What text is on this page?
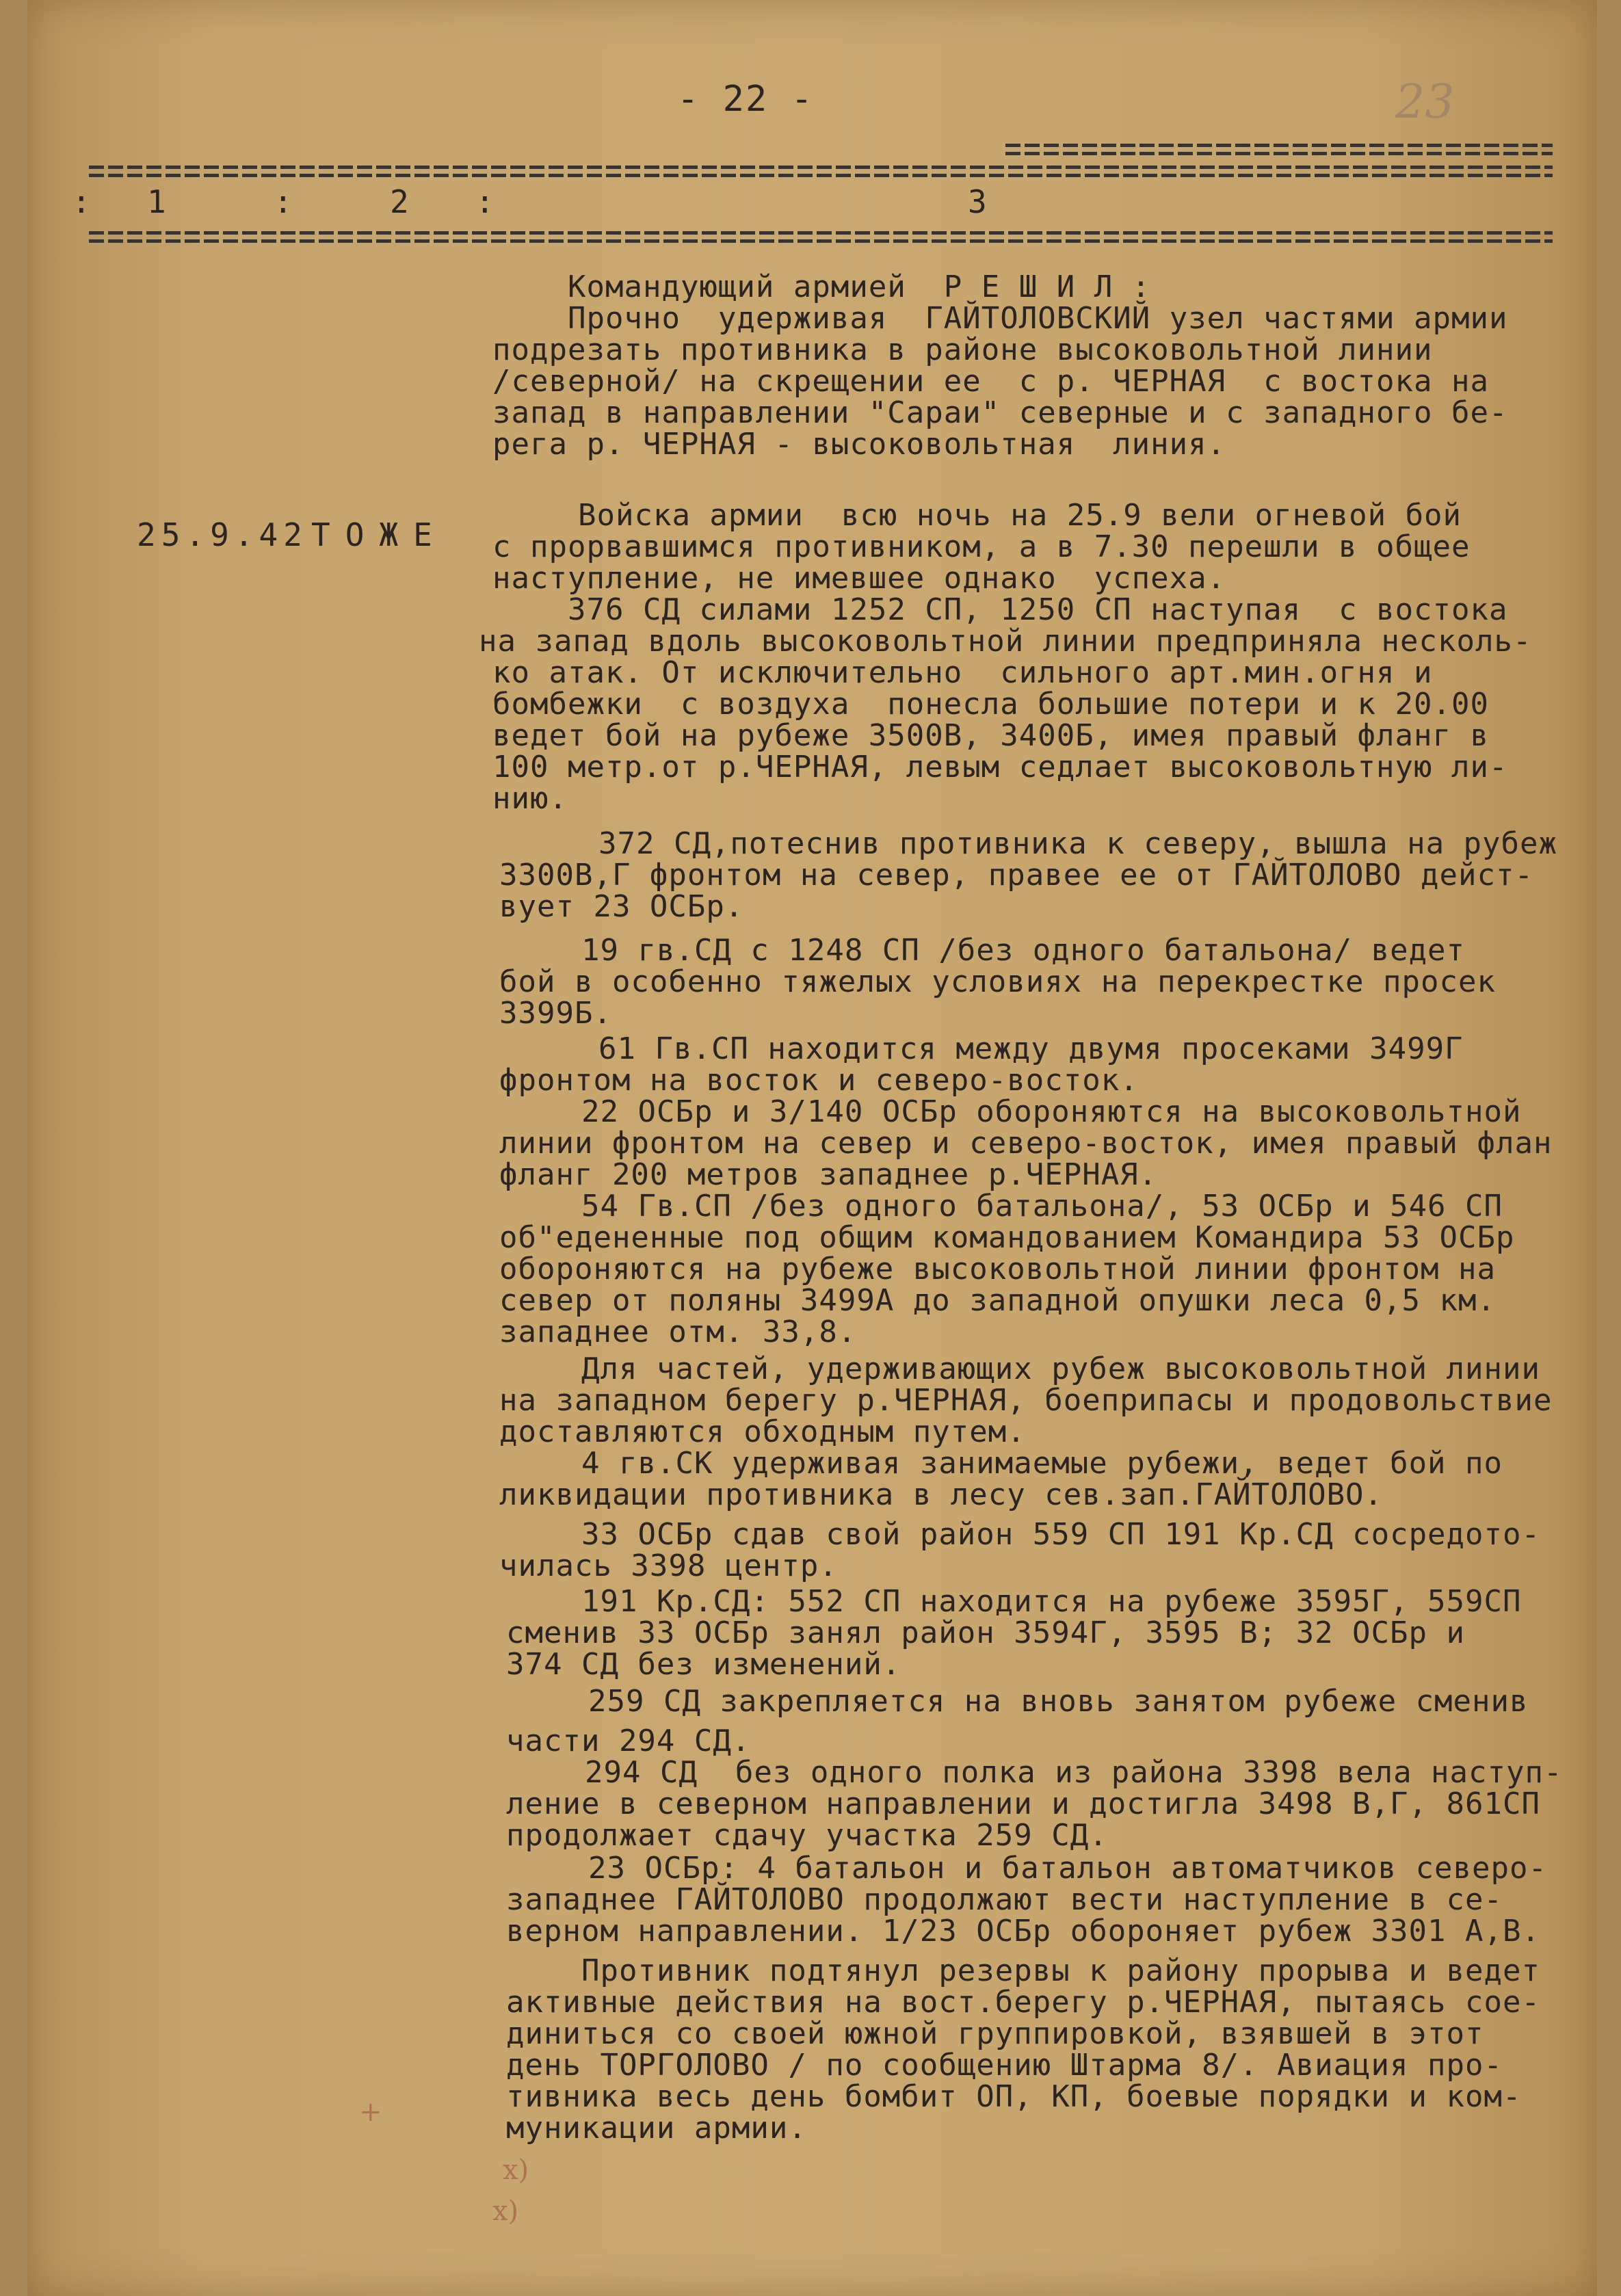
- 22 -	23
: 1	:	2 :	3
25.9.42 ТОЖЕ
+
x)
x)
Командующий армией  Р Е Ш И Л :
Прочно  удерживая  ГАЙТОЛОВСКИЙ узел частями армии
подрезать противника в районе высоковольтной линии
/северной/ на скрещении ее  с р. ЧЕРНАЯ  с востока на
запад в направлении "Сараи" северные и с западного бе-
рега р. ЧЕРНАЯ - высоковольтная  линия.
Войска армии  всю ночь на 25.9 вели огневой бой
с прорвавшимся противником, а в 7.30 перешли в общее
наступление, не имевшее однако  успеха.
376 СД силами 1252 СП, 1250 СП наступая  с востока
на запад вдоль высоковольтной линии предприняла несколь-
ко атак. От исключительно  сильного арт.мин.огня и
бомбежки  с воздуха  понесла большие потери и к 20.00
ведет бой на рубеже 3500В, 3400Б, имея правый фланг в
100 метр.от р.ЧЕРНАЯ, левым седлает высоковольтную ли-
нию.
372 СД,потеснив противника к северу, вышла на рубеж
3300В,Г фронтом на север, правее ее от ГАЙТОЛОВО дейст-
вует 23 ОСБр.
19 гв.СД с 1248 СП /без одного батальона/ ведет
бой в особенно тяжелых условиях на перекрестке просек
3399Б.
61 Гв.СП находится между двумя просеками 3499Г
фронтом на восток и северо-восток.
22 ОСБр и 3/140 ОСБр обороняются на высоковольтной
линии фронтом на север и северо-восток, имея правый флан
фланг 200 метров западнее р.ЧЕРНАЯ.
54 Гв.СП /без одного батальона/, 53 ОСБр и 546 СП
об"едененные под общим командованием Командира 53 ОСБр
обороняются на рубеже высоковольтной линии фронтом на
север от поляны 3499А до западной опушки леса 0,5 км.
западнее отм. 33,8.
Для частей, удерживающих рубеж высоковольтной линии
на западном берегу р.ЧЕРНАЯ, боеприпасы и продовольствие
доставляются обходным путем.
4 гв.СК удерживая занимаемые рубежи, ведет бой по
ликвидации противника в лесу сев.зап.ГАЙТОЛОВО.
33 ОСБр сдав свой район 559 СП 191 Кр.СД сосредото-
чилась 3398 центр.
191 Кр.СД: 552 СП находится на рубеже 3595Г, 559СП
сменив 33 ОСБр занял район 3594Г, 3595 В; 32 ОСБр и
374 СД без изменений.
259 СД закрепляется на вновь занятом рубеже сменив
части 294 СД.
294 СД  без одного полка из района 3398 вела наступ-
ление в северном направлении и достигла 3498 В,Г, 861СП
продолжает сдачу участка 259 СД.
23 ОСБр: 4 батальон и батальон автоматчиков северо-
западнее ГАЙТОЛОВО продолжают вести наступление в се-
верном направлении. 1/23 ОСБр обороняет рубеж 3301 А,В.
Противник подтянул резервы к району прорыва и ведет
активные действия на вост.берегу р.ЧЕРНАЯ, пытаясь сое-
диниться со своей южной группировкой, взявшей в этот
день ТОРГОЛОВО / по сообщению Штарма 8/. Авиация про-
тивника весь день бомбит ОП, КП, боевые порядки и ком-
муникации армии.
